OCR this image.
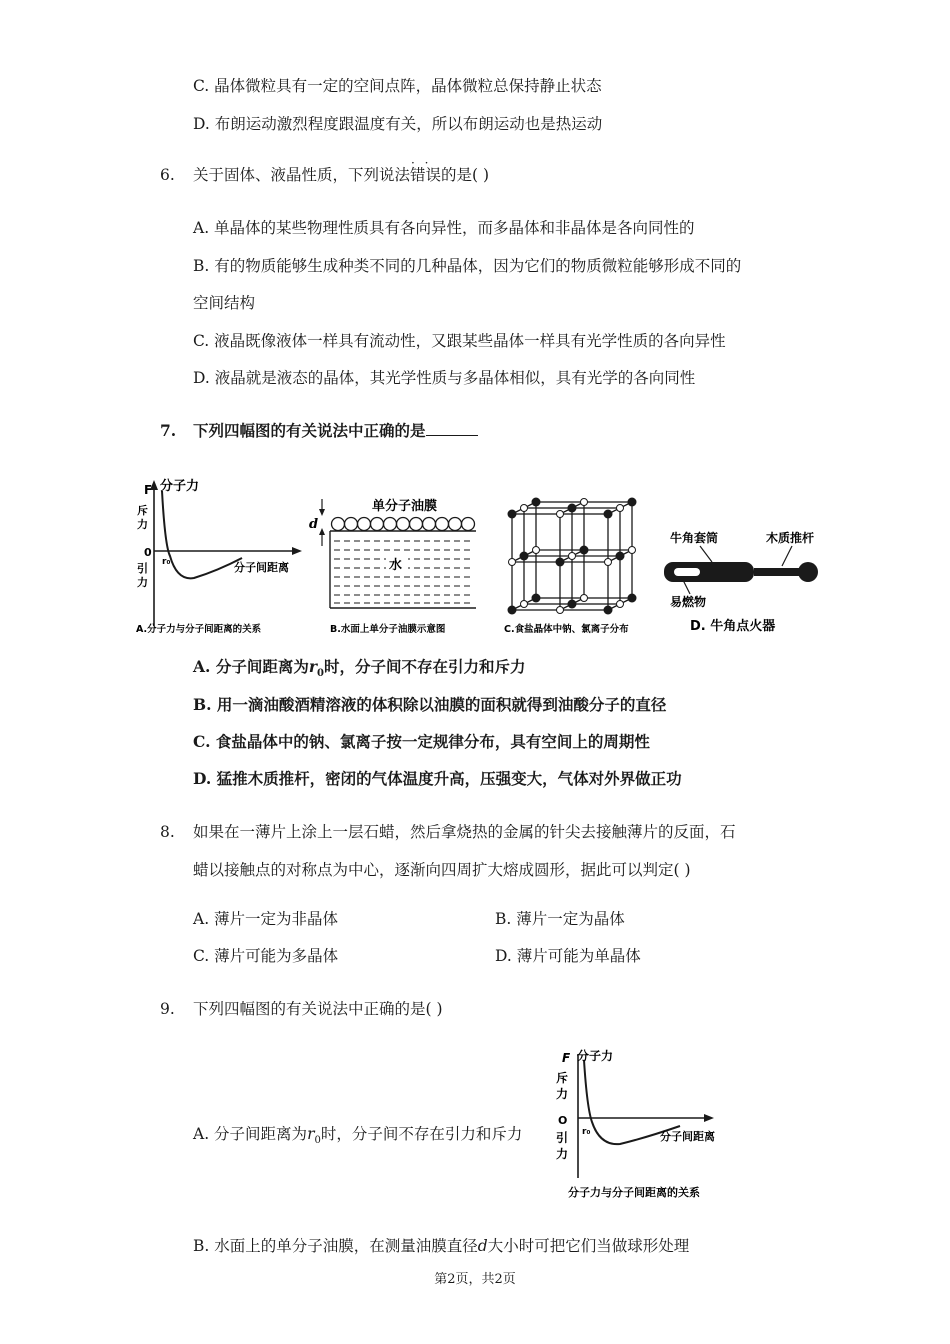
C. 晶体微粒具有一定的空间点阵，晶体微粒总保持静止状态
D. 布朗运动激烈程度跟温度有关，所以布朗运动也是热运动
6. 关于固体、液晶性质，下列说法· · 错误的是( )
A. 单晶体的某些物理性质具有各向异性，而多晶体和非晶体是各向同性的
B. 有的物质能够生成种类不同的几种晶体，因为它们的物质微粒能够形成不同的
空间结构
C. 液晶既像液体一样具有流动性，又跟某些晶体一样具有光学性质的各向异性
D. 液晶就是液态的晶体，其光学性质与多晶体相似，具有光学的各向同性
7. 下列四幅图的有关说法中正确的是
F 分子力
斥
力
0
r₀
引
力
分子间距离
A.分子力与分子间距离的关系
d
单分子油膜
水
B.水面上单分子油膜示意图	C.食盐晶体中钠、氯离子分布
牛角套筒	木质推杆
易燃物
D. 牛角点火器
A. 分子间距离为$r_0$时，分子间不存在引力和斥力
B. 用一滴油酸酒精溶液的体积除以油膜的面积就得到油酸分子的直径
C. 食盐晶体中的钠、氯离子按一定规律分布，具有空间上的周期性
D. 猛推木质推杆，密闭的气体温度升高，压强变大，气体对外界做正功
8. 如果在一薄片上涂上一层石蜡，然后拿烧热的金属的针尖去接触薄片的反面，石
蜡以接触点的对称点为中心，逐渐向四周扩大熔成圆形，据此可以判定( )
A. 薄片一定为非晶体	B. 薄片一定为晶体
C. 薄片可能为多晶体	D. 薄片可能为单晶体
9. 下列四幅图的有关说法中正确的是( )
A. 分子间距离为$r_0$时，分子间不存在引力和斥力
F 分子力
斥
力
O
r₀
引
力
分子间距离
分子力与分子间距离的关系
B. 水面上的单分子油膜，在测量油膜直径d大小时可把它们当做球形处理
第2页，共2页
